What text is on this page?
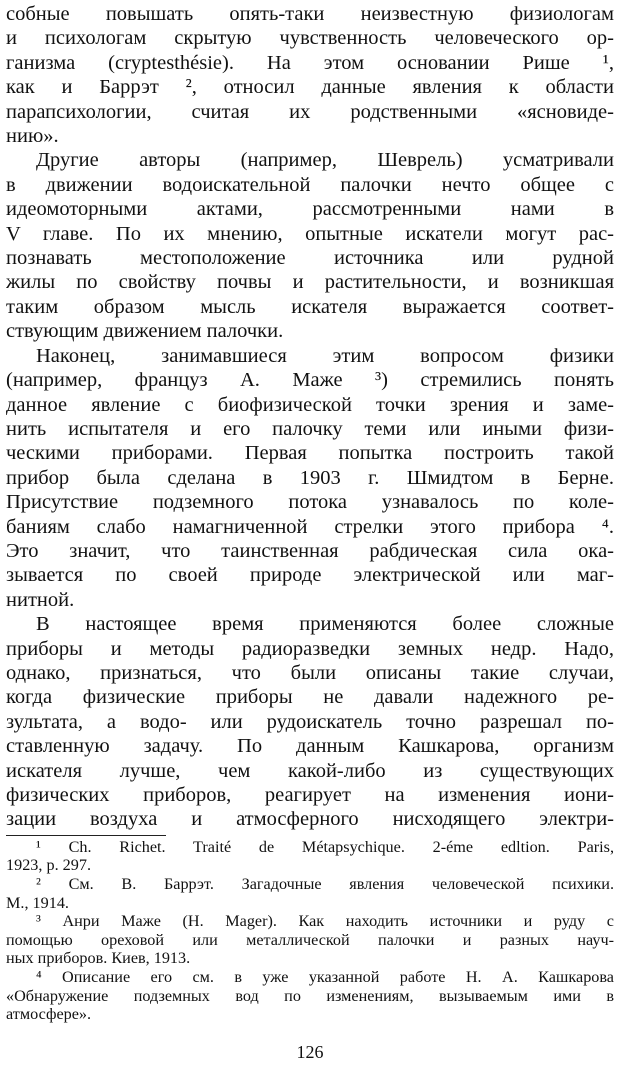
собные повышать опять-таки неизвестную физиологам
и психологам скрытую чувственность человеческого ор-
ганизма (cryptesthésie). На этом основании Рише ¹,
как и Баррэт ², относил данные явления к области
парапсихологии, считая их родственными «ясновиде-
нию».

Другие авторы (например, Шеврель) усматривали
в движении водоискательной палочки нечто общее с
идеомоторными актами, рассмотренными нами в
V главе. По их мнению, опытные искатели могут рас-
познавать местоположение источника или рудной
жилы по свойству почвы и растительности, и возникшая
таким образом мысль искателя выражается соответ-
ствующим движением палочки.

Наконец, занимавшиеся этим вопросом физики
(например, француз А. Маже ³) стремились понять
данное явление с биофизической точки зрения и заме-
нить испытателя и его палочку теми или иными физи-
ческими приборами. Первая попытка построить такой
прибор была сделана в 1903 г. Шмидтом в Берне.
Присутствие подземного потока узнавалось по коле-
баниям слабо намагниченной стрелки этого прибора ⁴.
Это значит, что таинственная рабдическая сила ока-
зывается по своей природе электрической или маг-
нитной.

В настоящее время применяются более сложные
приборы и методы радиоразведки земных недр. Надо,
однако, признаться, что были описаны такие случаи,
когда физические приборы не давали надежного ре-
зультата, а водо- или рудоискатель точно разрешал по-
ставленную задачу. По данным Кашкарова, организм
искателя лучше, чем какой-либо из существующих
физических приборов, реагирует на изменения иони-
зации воздуха и атмосферного нисходящего электри-

¹ Ch. Richet. Traité de Métapsychique. 2-éme edltion. Paris,
1923, p. 297.
² См. В. Баррэт. Загадочные явления человеческой психики.
М., 1914.
³ Анри Маже (H. Mager). Как находить источники и руду с
помощью ореховой или металлической палочки и разных науч-
ных приборов. Киев, 1913.
⁴ Описание его см. в уже указанной работе Н. А. Кашкарова
«Обнаружение подземных вод по изменениям, вызываемым ими в
атмосфере».
126
